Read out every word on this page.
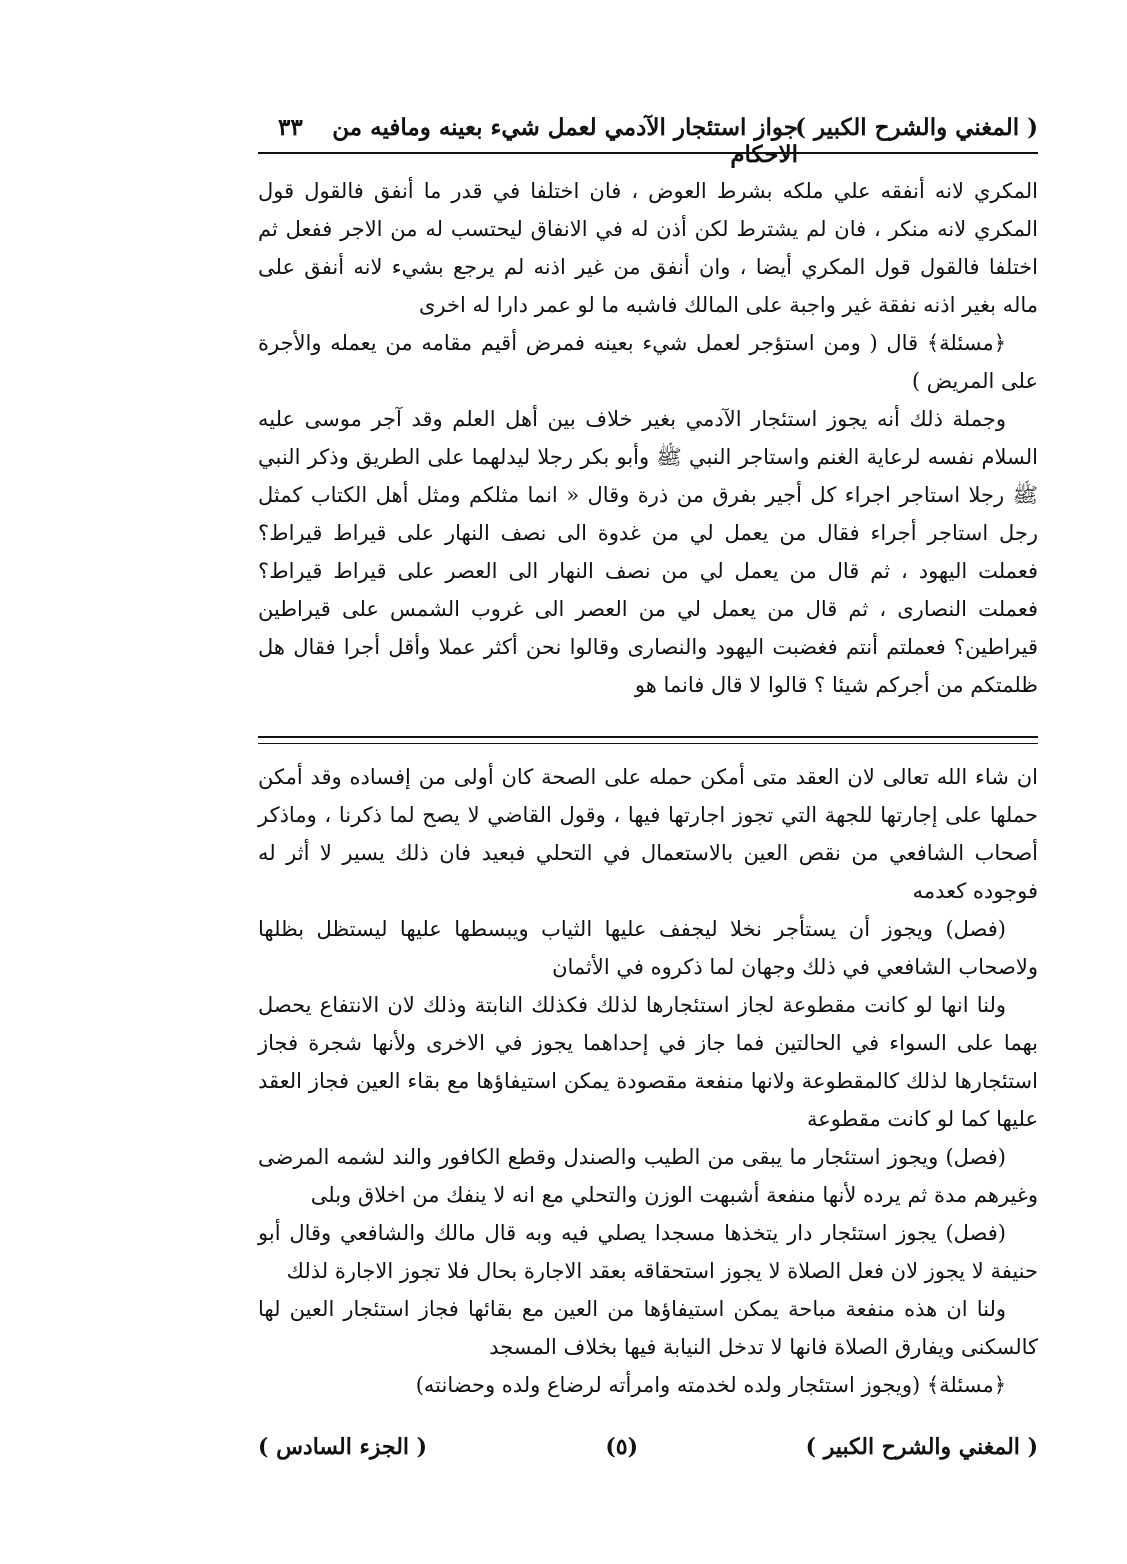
( المغني والشرح الكبير )
جواز استئجار الآدمي لعمل شيء بعينه ومافيه من الاحكام
٣٣

المكري لانه أنفقه علي ملكه بشرط العوض ، فان اختلفا في قدر ما أنفق فالقول قول المكري لانه منكر ، فان لم يشترط لكن أذن له في الانفاق ليحتسب له من الاجر ففعل ثم اختلفا فالقول قول المكري أيضا ، وان أنفق من غير اذنه لم يرجع بشيء لانه أنفق على ماله بغير اذنه نفقة غير واجبة على المالك فاشبه ما لو عمر دارا له اخرى

﴿مسئلة﴾ قال ( ومن استؤجر لعمل شيء بعينه فمرض أقيم مقامه من يعمله والأجرة على المريض )

وجملة ذلك أنه يجوز استئجار الآدمي بغير خلاف بين أهل العلم وقد آجر موسى عليه السلام نفسه لرعاية الغنم واستاجر النبي ﷺ وأبو بكر رجلا ليدلهما على الطريق وذكر النبي ﷺ رجلا استاجر اجراء كل أجير بفرق من ذرة وقال « انما مثلكم ومثل أهل الكتاب كمثل رجل استاجر أجراء فقال من يعمل لي من غدوة الى نصف النهار على قيراط قيراط؟ فعملت اليهود ، ثم قال من يعمل لي من نصف النهار الى العصر على قيراط قيراط؟ فعملت النصارى ، ثم قال من يعمل لي من العصر الى غروب الشمس على قيراطين قيراطين؟ فعملتم أنتم فغضبت اليهود والنصارى وقالوا نحن أكثر عملا وأقل أجرا فقال هل ظلمتكم من أجركم شيئا ؟ قالوا لا قال فانما هو

ان شاء الله تعالى لان العقد متى أمكن حمله على الصحة كان أولى من إفساده وقد أمكن حملها على إجارتها للجهة التي تجوز اجارتها فيها ، وقول القاضي لا يصح لما ذكرنا ، وماذكر أصحاب الشافعي من نقص العين بالاستعمال في التحلي فبعيد فان ذلك يسير لا أثر له فوجوده كعدمه

(فصل) ويجوز أن يستأجر نخلا ليجفف عليها الثياب ويبسطها عليها ليستظل بظلها ولاصحاب الشافعي في ذلك وجهان لما ذكروه في الأثمان

ولنا انها لو كانت مقطوعة لجاز استئجارها لذلك فكذلك النابتة وذلك لان الانتفاع يحصل بهما على السواء في الحالتين فما جاز في إحداهما يجوز في الاخرى ولأنها شجرة فجاز استئجارها لذلك كالمقطوعة ولانها منفعة مقصودة يمكن استيفاؤها مع بقاء العين فجاز العقد عليها كما لو كانت مقطوعة

(فصل) ويجوز استئجار ما يبقى من الطيب والصندل وقطع الكافور والند لشمه المرضى وغيرهم مدة ثم يرده لأنها منفعة أشبهت الوزن والتحلي مع انه لا ينفك من اخلاق وبلى

(فصل) يجوز استئجار دار يتخذها مسجدا يصلي فيه وبه قال مالك والشافعي وقال أبو حنيفة لا يجوز لان فعل الصلاة لا يجوز استحقاقه بعقد الاجارة بحال فلا تجوز الاجارة لذلك

ولنا ان هذه منفعة مباحة يمكن استيفاؤها من العين مع بقائها فجاز استئجار العين لها كالسكنى ويفارق الصلاة فانها لا تدخل النيابة فيها بخلاف المسجد

﴿مسئلة﴾ (ويجوز استئجار ولده لخدمته وامرأته لرضاع ولده وحضانته)

( المغني والشرح الكبير )
(٥)
( الجزء السادس )
